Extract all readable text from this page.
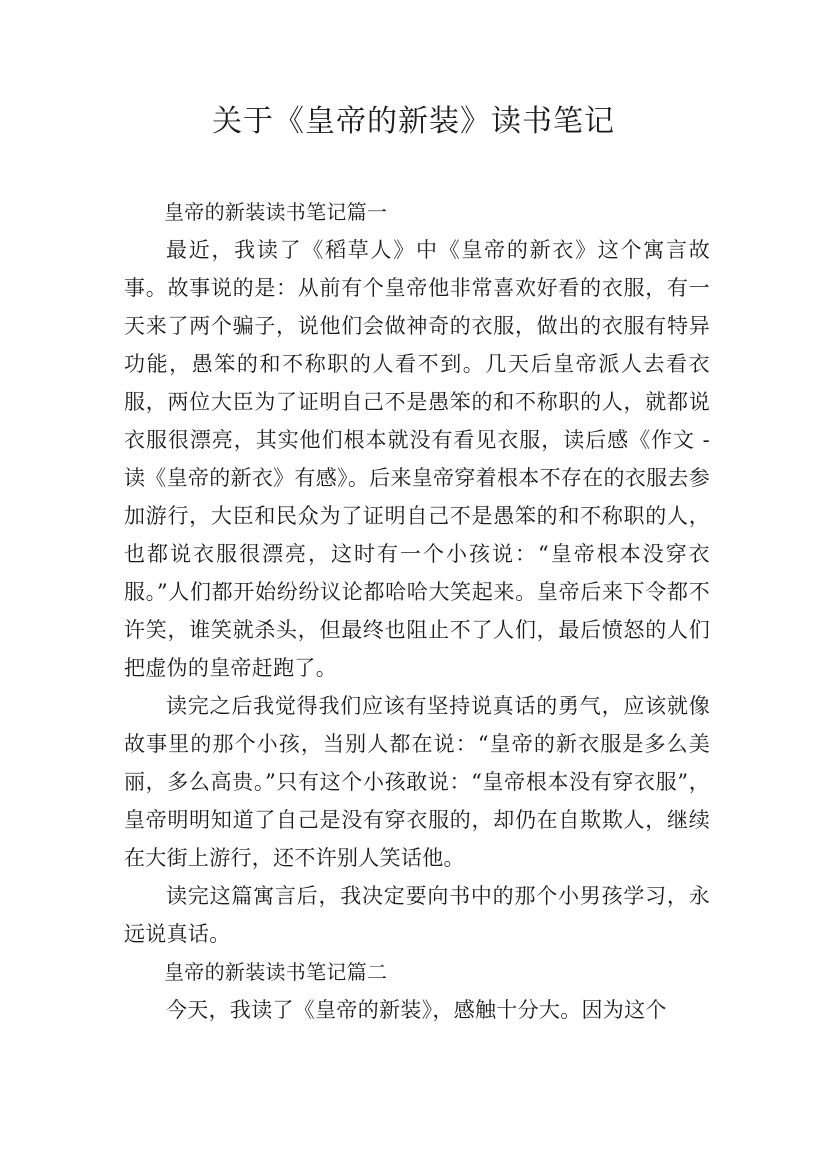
关于《皇帝的新装》读书笔记

皇帝的新装读书笔记篇一

最近，我读了《稻草人》中《皇帝的新衣》这个寓言故事。故事说的是：从前有个皇帝他非常喜欢好看的衣服，有一天来了两个骗子，说他们会做神奇的衣服，做出的衣服有特异功能，愚笨的和不称职的人看不到。几天后皇帝派人去看衣服，两位大臣为了证明自己不是愚笨的和不称职的人，就都说衣服很漂亮，其实他们根本就没有看见衣服，读后感《作文 -读《皇帝的新衣》有感》。后来皇帝穿着根本不存在的衣服去参加游行，大臣和民众为了证明自己不是愚笨的和不称职的人，也都说衣服很漂亮，这时有一个小孩说：“皇帝根本没穿衣服。”人们都开始纷纷议论都哈哈大笑起来。皇帝后来下令都不许笑，谁笑就杀头，但最终也阻止不了人们，最后愤怒的人们把虚伪的皇帝赶跑了。

读完之后我觉得我们应该有坚持说真话的勇气，应该就像故事里的那个小孩，当别人都在说：“皇帝的新衣服是多么美丽，多么高贵。”只有这个小孩敢说：“皇帝根本没有穿衣服”，皇帝明明知道了自己是没有穿衣服的，却仍在自欺欺人，继续在大街上游行，还不许别人笑话他。

读完这篇寓言后，我决定要向书中的那个小男孩学习，永远说真话。

皇帝的新装读书笔记篇二

今天，我读了《皇帝的新装》，感触十分大。因为这个
